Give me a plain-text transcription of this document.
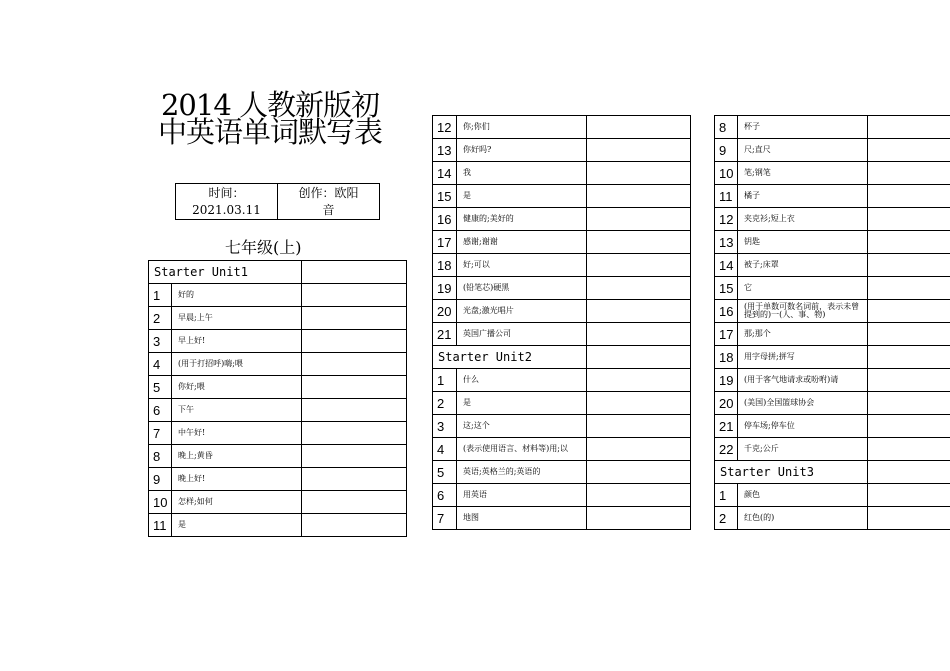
2014 人教新版初
中英语单词默写表
时间：
2021.03.11
创作：欧阳
音
七年级(上)
Starter Unit1		
1	好的	
2	早晨;上午	
3	早上好!	
4	(用于打招呼)嗨;喂	
5	你好;喂	
6	下午	
7	中午好!	
8	晚上;黄昏	
9	晚上好!	
10	怎样;如何	
11	是	
12	你;你们	
13	你好吗?	
14	我	
15	是	
16	健康的;美好的	
17	感谢;谢谢	
18	好;可以	
19	(铅笔芯)硬黑	
20	光盘;激光唱片	
21	英国广播公司	
Starter Unit2		
1	什么	
2	是	
3	这;这个	
4	(表示使用语言、材料等)用;以	
5	英语;英格兰的;英语的	
6	用英语	
7	地图	
8	杯子	
9	尺;直尺	
10	笔;钢笔	
11	橘子	
12	夹克衫;短上衣	
13	钥匙	
14	被子;床罩	
15	它	
16	(用于单数可数名词前，表示未曾提到的)一(人、事、物)	
17	那;那个	
18	用字母拼;拼写	
19	(用于客气地请求或吩咐)请	
20	(美国)全国篮球协会	
21	停车场;停车位	
22	千克;公斤	
Starter Unit3		
1	颜色	
2	红色(的)	
